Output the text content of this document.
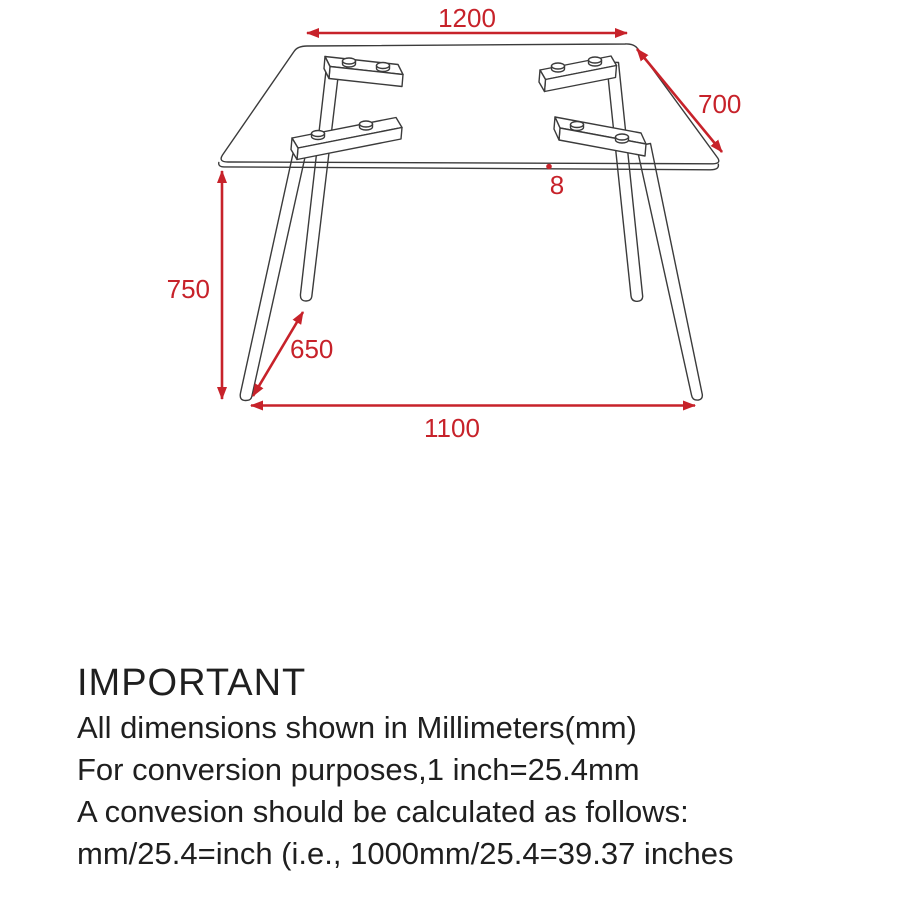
1200
700
8
750
650
1100
IMPORTANT

All dimensions shown in Millimeters(mm)

For conversion purposes,1 inch=25.4mm

A convesion should be calculated as follows:

mm/25.4=inch (i.e., 1000mm/25.4=39.37 inches
